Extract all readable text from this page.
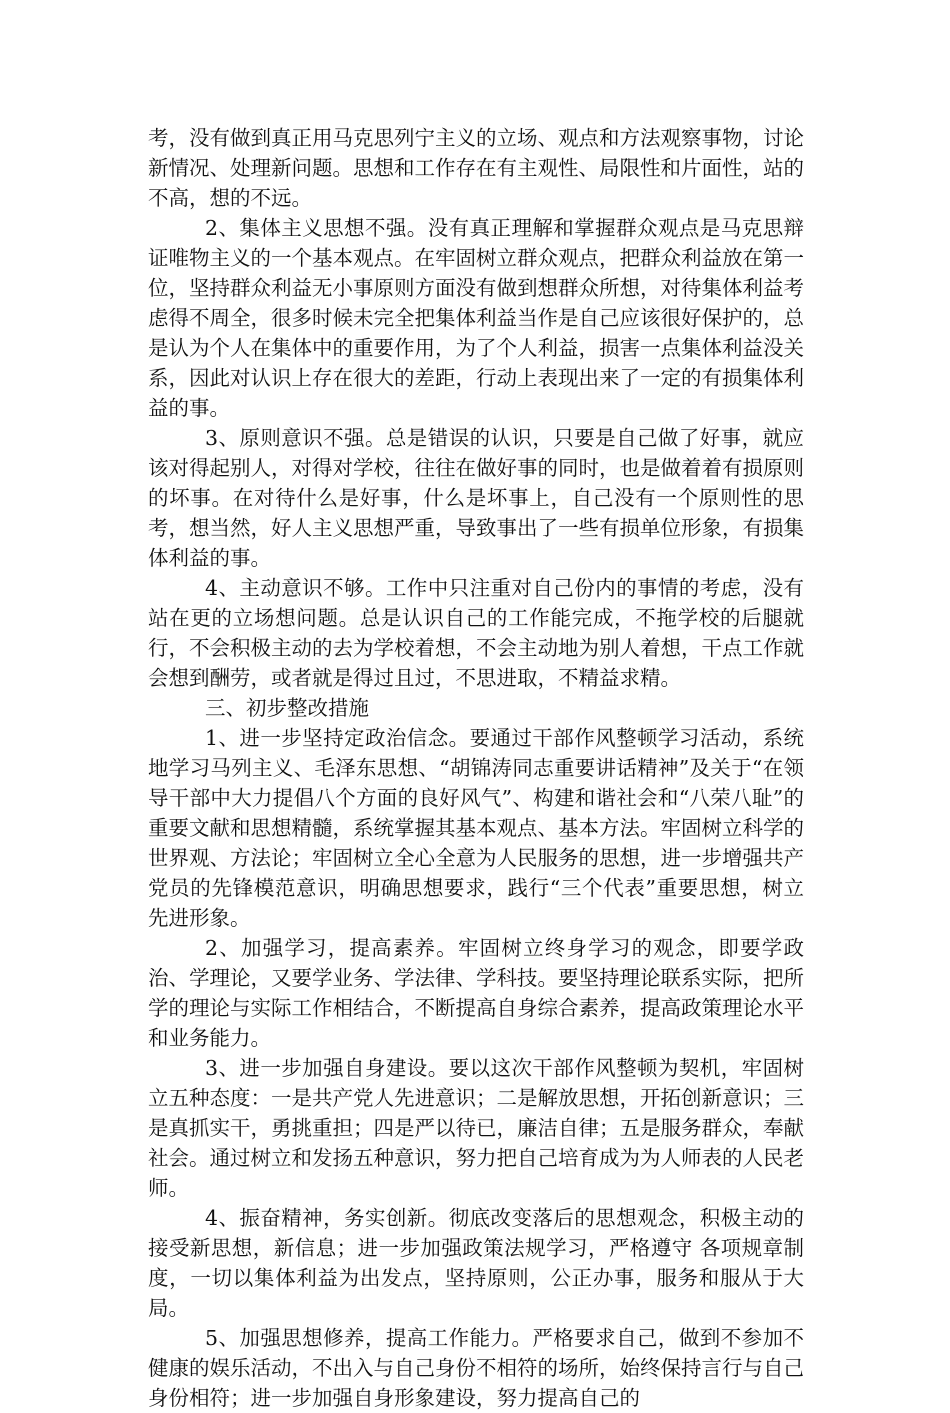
考，没有做到真正用马克思列宁主义的立场、观点和方法观察事物，讨论新情况、处理新问题。思想和工作存在有主观性、局限性和片面性，站的不高，想的不远。

2、集体主义思想不强。没有真正理解和掌握群众观点是马克思辩证唯物主义的一个基本观点。在牢固树立群众观点，把群众利益放在第一位，坚持群众利益无小事原则方面没有做到想群众所想，对待集体利益考虑得不周全，很多时候未完全把集体利益当作是自己应该很好保护的，总是认为个人在集体中的重要作用，为了个人利益，损害一点集体利益没关系，因此对认识上存在很大的差距，行动上表现出来了一定的有损集体利益的事。

3、原则意识不强。总是错误的认识，只要是自己做了好事，就应该对得起别人，对得对学校，往往在做好事的同时，也是做着着有损原则的坏事。在对待什么是好事，什么是坏事上，自己没有一个原则性的思考，想当然，好人主义思想严重，导致事出了一些有损单位形象，有损集体利益的事。

4、主动意识不够。工作中只注重对自己份内的事情的考虑，没有站在更的立场想问题。总是认识自己的工作能完成，不拖学校的后腿就行，不会积极主动的去为学校着想，不会主动地为别人着想，干点工作就会想到酬劳，或者就是得过且过，不思进取，不精益求精。

三、初步整改措施

1、进一步坚持定政治信念。要通过干部作风整顿学习活动，系统地学习马列主义、毛泽东思想、“胡锦涛同志重要讲话精神”及关于“在领导干部中大力提倡八个方面的良好风气”、构建和谐社会和“八荣八耻”的重要文献和思想精髓，系统掌握其基本观点、基本方法。牢固树立科学的世界观、方法论；牢固树立全心全意为人民服务的思想，进一步增强共产党员的先锋模范意识，明确思想要求，践行“三个代表”重要思想，树立先进形象。

2、加强学习，提高素养。牢固树立终身学习的观念，即要学政治、学理论，又要学业务、学法律、学科技。要坚持理论联系实际，把所学的理论与实际工作相结合，不断提高自身综合素养，提高政策理论水平和业务能力。

3、进一步加强自身建设。要以这次干部作风整顿为契机，牢固树立五种态度：一是共产党人先进意识；二是解放思想，开拓创新意识；三是真抓实干，勇挑重担；四是严以待已，廉洁自律；五是服务群众，奉献社会。通过树立和发扬五种意识，努力把自己培育成为为人师表的人民老师。

4、振奋精神，务实创新。彻底改变落后的思想观念，积极主动的接受新思想，新信息；进一步加强政策法规学习，严格遵守 各项规章制度，一切以集体利益为出发点，坚持原则，公正办事，服务和服从于大局。

5、加强思想修养，提高工作能力。严格要求自己，做到不参加不健康的娱乐活动，不出入与自己身份不相符的场所，始终保持言行与自己身份相符；进一步加强自身形象建设，努力提高自己的
